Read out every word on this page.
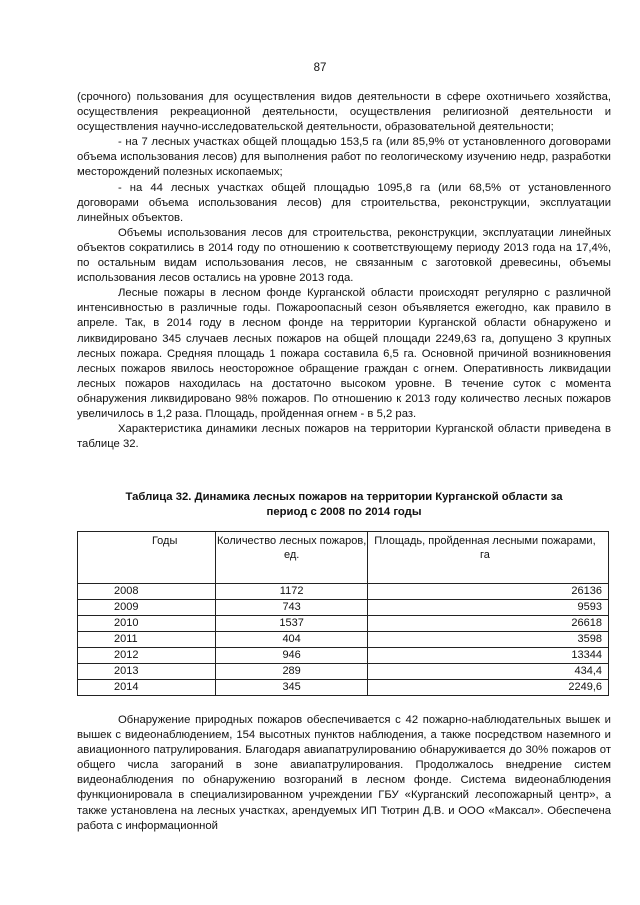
87

(срочного) пользования для осуществления видов деятельности в сфере охотничьего хозяйства, осуществления рекреационной деятельности, осуществления религиозной деятельности и осуществления научно-исследовательской деятельности, образовательной деятельности;

- на 7 лесных участках общей площадью 153,5 га (или 85,9% от установленного договорами объема использования лесов) для выполнения работ по геологическому изучению недр, разработки месторождений полезных ископаемых;

- на 44 лесных участках общей площадью 1095,8 га (или 68,5% от установленного договорами объема использования лесов) для строительства, реконструкции, эксплуатации линейных объектов.

Объемы использования лесов для строительства, реконструкции, эксплуатации линейных объектов сократились в 2014 году по отношению к соответствующему периоду 2013 года на 17,4%, по остальным видам использования лесов, не связанным с заготовкой древесины, объемы использования лесов остались на уровне 2013 года.

Лесные пожары в лесном фонде Курганской области происходят регулярно с различной интенсивностью в различные годы. Пожароопасный сезон объявляется ежегодно, как правило в апреле. Так, в 2014 году в лесном фонде на территории Курганской области обнаружено и ликвидировано 345 случаев лесных пожаров на общей площади 2249,63 га, допущено 3 крупных лесных пожара. Средняя площадь 1 пожара составила 6,5 га. Основной причиной возникновения лесных пожаров явилось неосторожное обращение граждан с огнем. Оперативность ликвидации лесных пожаров находилась на достаточно высоком уровне. В течение суток с момента обнаружения ликвидировано 98% пожаров. По отношению к 2013 году количество лесных пожаров увеличилось в 1,2 раза. Площадь, пройденная огнем - в 5,2 раз.

Характеристика динамики лесных пожаров на территории Курганской области приведена в таблице 32.

Таблица 32. Динамика лесных пожаров на территории Курганской области за
период с 2008 по 2014 годы
Годы	Количество лесных пожаров, ед.	Площадь, пройденная лесными пожарами, га
2008	1172	26136
2009	743	9593
2010	1537	26618
2011	404	3598
2012	946	13344
2013	289	434,4
2014	345	2249,6

Обнаружение природных пожаров обеспечивается с 42 пожарно-наблюдательных вышек и вышек с видеонаблюдением, 154 высотных пунктов наблюдения, а также посредством наземного и авиационного патрулирования. Благодаря авиапатрулированию обнаруживается до 30% пожаров от общего числа загораний в зоне авиапатрулирования. Продолжалось внедрение систем видеонаблюдения по обнаружению возгораний в лесном фонде. Система видеонаблюдения функционировала в специализированном учреждении ГБУ «Курганский лесопожарный центр», а также установлена на лесных участках, арендуемых ИП Тютрин Д.В. и ООО «Максал». Обеспечена работа с информационной
